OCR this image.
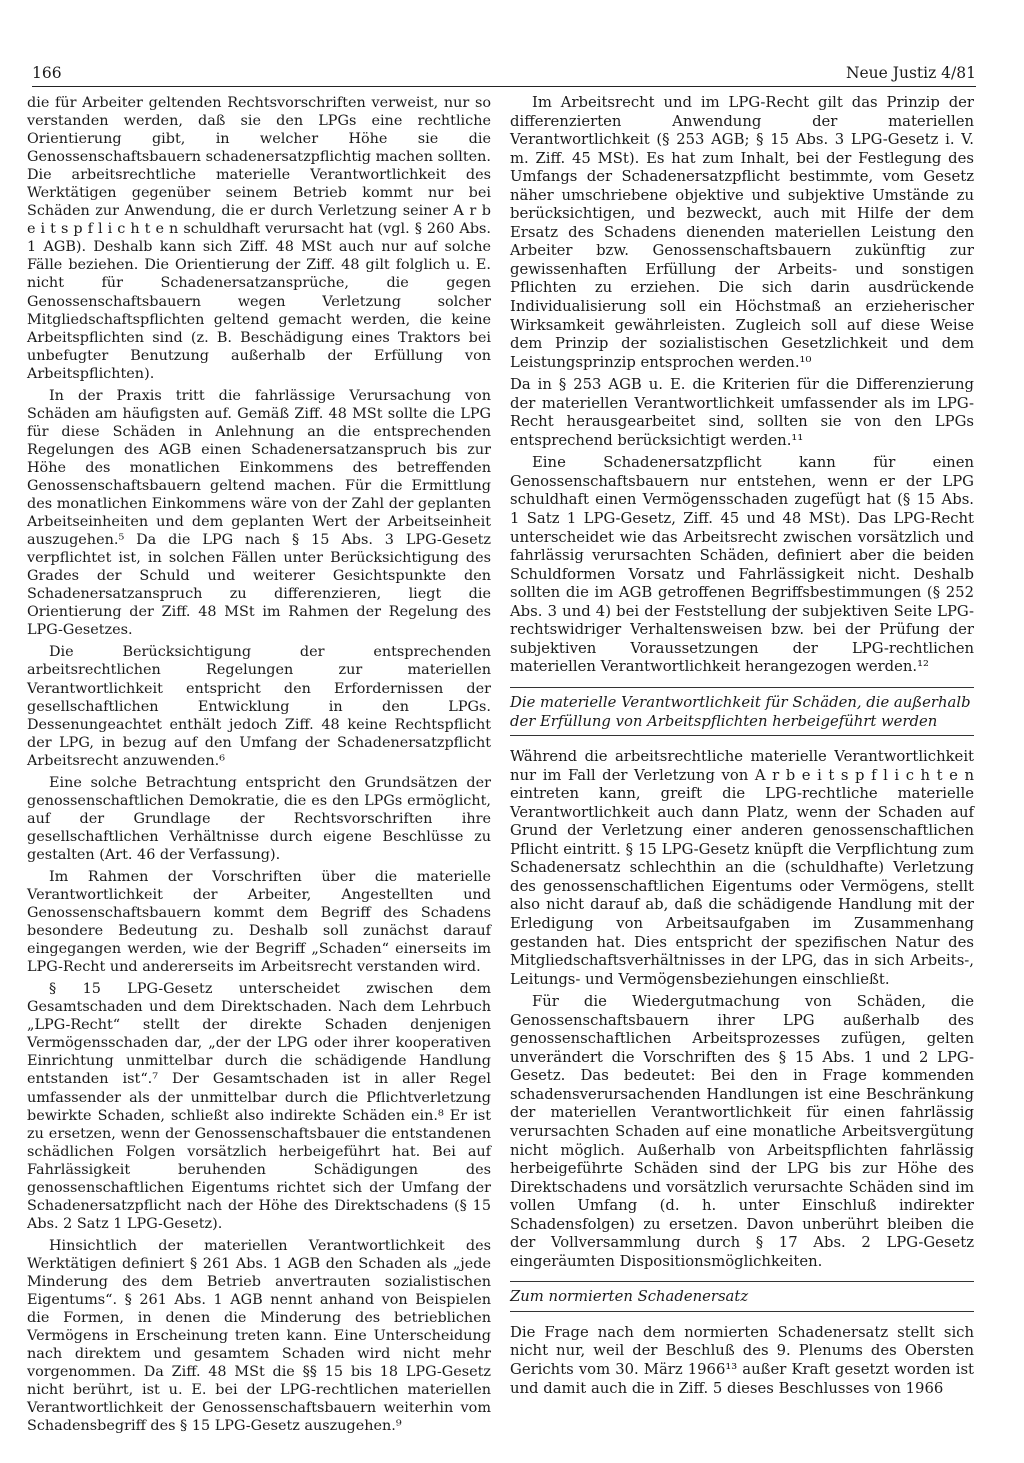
166	Neue Justiz 4/81

die für Arbeiter geltenden Rechtsvorschriften verweist, nur so verstanden werden, daß sie den LPGs eine rechtliche Orientierung gibt, in welcher Höhe sie die Genossenschaftsbauern schadenersatzpflichtig machen sollten. Die arbeitsrechtliche materielle Verantwortlichkeit des Werktätigen gegenüber seinem Betrieb kommt nur bei Schäden zur Anwendung, die er durch Verletzung seiner A r b e i t s p f l i c h t e n schuldhaft verursacht hat (vgl. § 260 Abs. 1 AGB). Deshalb kann sich Ziff. 48 MSt auch nur auf solche Fälle beziehen. Die Orientierung der Ziff. 48 gilt folglich u. E. nicht für Schadenersatzansprüche, die gegen Genossenschaftsbauern wegen Verletzung solcher Mitgliedschaftspflichten geltend gemacht werden, die keine Arbeitspflichten sind (z. B. Beschädigung eines Traktors bei unbefugter Benutzung außerhalb der Erfüllung von Arbeitspflichten).

In der Praxis tritt die fahrlässige Verursachung von Schäden am häufigsten auf. Gemäß Ziff. 48 MSt sollte die LPG für diese Schäden in Anlehnung an die entsprechenden Regelungen des AGB einen Schadenersatzanspruch bis zur Höhe des monatlichen Einkommens des betreffenden Genossenschaftsbauern geltend machen. Für die Ermittlung des monatlichen Einkommens wäre von der Zahl der geplanten Arbeitseinheiten und dem geplanten Wert der Arbeitseinheit auszugehen.⁵ Da die LPG nach § 15 Abs. 3 LPG-Gesetz verpflichtet ist, in solchen Fällen unter Berücksichtigung des Grades der Schuld und weiterer Gesichtspunkte den Schadenersatzanspruch zu differenzieren, liegt die Orientierung der Ziff. 48 MSt im Rahmen der Regelung des LPG-Gesetzes.

Die Berücksichtigung der entsprechenden arbeitsrechtlichen Regelungen zur materiellen Verantwortlichkeit entspricht den Erfordernissen der gesellschaftlichen Entwicklung in den LPGs. Dessenungeachtet enthält jedoch Ziff. 48 keine Rechtspflicht der LPG, in bezug auf den Umfang der Schadenersatzpflicht Arbeitsrecht anzuwenden.⁶

Eine solche Betrachtung entspricht den Grundsätzen der genossenschaftlichen Demokratie, die es den LPGs ermöglicht, auf der Grundlage der Rechtsvorschriften ihre gesellschaftlichen Verhältnisse durch eigene Beschlüsse zu gestalten (Art. 46 der Verfassung).

Im Rahmen der Vorschriften über die materielle Verantwortlichkeit der Arbeiter, Angestellten und Genossenschaftsbauern kommt dem Begriff des Schadens besondere Bedeutung zu. Deshalb soll zunächst darauf eingegangen werden, wie der Begriff „Schaden“ einerseits im LPG-Recht und andererseits im Arbeitsrecht verstanden wird.

§ 15 LPG-Gesetz unterscheidet zwischen dem Gesamtschaden und dem Direktschaden. Nach dem Lehrbuch „LPG-Recht“ stellt der direkte Schaden denjenigen Vermögensschaden dar, „der der LPG oder ihrer kooperativen Einrichtung unmittelbar durch die schädigende Handlung entstanden ist“.⁷ Der Gesamtschaden ist in aller Regel umfassender als der unmittelbar durch die Pflichtverletzung bewirkte Schaden, schließt also indirekte Schäden ein.⁸ Er ist zu ersetzen, wenn der Genossenschaftsbauer die entstandenen schädlichen Folgen vorsätzlich herbeigeführt hat. Bei auf Fahrlässigkeit beruhenden Schädigungen des genossenschaftlichen Eigentums richtet sich der Umfang der Schadenersatzpflicht nach der Höhe des Direktschadens (§ 15 Abs. 2 Satz 1 LPG-Gesetz).

Hinsichtlich der materiellen Verantwortlichkeit des Werktätigen definiert § 261 Abs. 1 AGB den Schaden als „jede Minderung des dem Betrieb anvertrauten sozialistischen Eigentums“. § 261 Abs. 1 AGB nennt anhand von Beispielen die Formen, in denen die Minderung des betrieblichen Vermögens in Erscheinung treten kann. Eine Unterscheidung nach direktem und gesamtem Schaden wird nicht mehr vorgenommen. Da Ziff. 48 MSt die §§ 15 bis 18 LPG-Gesetz nicht berührt, ist u. E. bei der LPG-rechtlichen materiellen Verantwortlichkeit der Genossenschaftsbauern weiterhin vom Schadensbegriff des § 15 LPG-Gesetz auszugehen.⁹

Im Arbeitsrecht und im LPG-Recht gilt das Prinzip der differenzierten Anwendung der materiellen Verantwortlichkeit (§ 253 AGB; § 15 Abs. 3 LPG-Gesetz i. V. m. Ziff. 45 MSt). Es hat zum Inhalt, bei der Festlegung des Umfangs der Schadenersatzpflicht bestimmte, vom Gesetz näher umschriebene objektive und subjektive Umstände zu berücksichtigen, und bezweckt, auch mit Hilfe der dem Ersatz des Schadens dienenden materiellen Leistung den Arbeiter bzw. Genossenschaftsbauern zukünftig zur gewissenhaften Erfüllung der Arbeits- und sonstigen Pflichten zu erziehen. Die sich darin ausdrückende Individualisierung soll ein Höchstmaß an erzieherischer Wirksamkeit gewährleisten. Zugleich soll auf diese Weise dem Prinzip der sozialistischen Gesetzlichkeit und dem Leistungsprinzip entsprochen werden.¹⁰

Da in § 253 AGB u. E. die Kriterien für die Differenzierung der materiellen Verantwortlichkeit umfassender als im LPG-Recht herausgearbeitet sind, sollten sie von den LPGs entsprechend berücksichtigt werden.¹¹

Eine Schadenersatzpflicht kann für einen Genossenschaftsbauern nur entstehen, wenn er der LPG schuldhaft einen Vermögensschaden zugefügt hat (§ 15 Abs. 1 Satz 1 LPG-Gesetz, Ziff. 45 und 48 MSt). Das LPG-Recht unterscheidet wie das Arbeitsrecht zwischen vorsätzlich und fahrlässig verursachten Schäden, definiert aber die beiden Schuldformen Vorsatz und Fahrlässigkeit nicht. Deshalb sollten die im AGB getroffenen Begriffsbestimmungen (§ 252 Abs. 3 und 4) bei der Feststellung der subjektiven Seite LPG-rechtswidriger Verhaltensweisen bzw. bei der Prüfung der subjektiven Voraussetzungen der LPG-rechtlichen materiellen Verantwortlichkeit herangezogen werden.¹²

Die materielle Verantwortlichkeit für Schäden, die außerhalb der Erfüllung von Arbeitspflichten herbeigeführt werden

Während die arbeitsrechtliche materielle Verantwortlichkeit nur im Fall der Verletzung von A r b e i t s p f l i c h t e n eintreten kann, greift die LPG-rechtliche materielle Verantwortlichkeit auch dann Platz, wenn der Schaden auf Grund der Verletzung einer anderen genossenschaftlichen Pflicht eintritt. § 15 LPG-Gesetz knüpft die Verpflichtung zum Schadenersatz schlechthin an die (schuldhafte) Verletzung des genossenschaftlichen Eigentums oder Vermögens, stellt also nicht darauf ab, daß die schädigende Handlung mit der Erledigung von Arbeitsaufgaben im Zusammenhang gestanden hat. Dies entspricht der spezifischen Natur des Mitgliedschaftsverhältnisses in der LPG, das in sich Arbeits-, Leitungs- und Vermögensbeziehungen einschließt.

Für die Wiedergutmachung von Schäden, die Genossenschaftsbauern ihrer LPG außerhalb des genossenschaftlichen Arbeitsprozesses zufügen, gelten unverändert die Vorschriften des § 15 Abs. 1 und 2 LPG-Gesetz. Das bedeutet: Bei den in Frage kommenden schadensverursachenden Handlungen ist eine Beschränkung der materiellen Verantwortlichkeit für einen fahrlässig verursachten Schaden auf eine monatliche Arbeitsvergütung nicht möglich. Außerhalb von Arbeitspflichten fahrlässig herbeigeführte Schäden sind der LPG bis zur Höhe des Direktschadens und vorsätzlich verursachte Schäden sind im vollen Umfang (d. h. unter Einschluß indirekter Schadensfolgen) zu ersetzen. Davon unberührt bleiben die der Vollversammlung durch § 17 Abs. 2 LPG-Gesetz eingeräumten Dispositionsmöglichkeiten.

Zum normierten Schadenersatz

Die Frage nach dem normierten Schadenersatz stellt sich nicht nur, weil der Beschluß des 9. Plenums des Obersten Gerichts vom 30. März 1966¹³ außer Kraft gesetzt worden ist und damit auch die in Ziff. 5 dieses Beschlusses von 1966
